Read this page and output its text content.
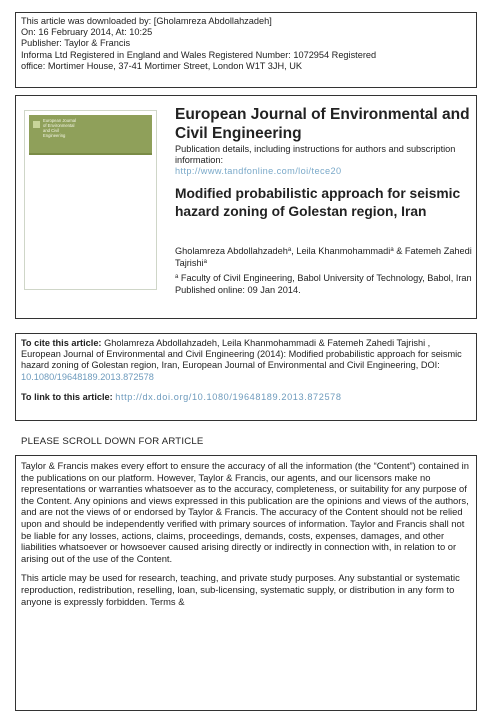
This article was downloaded by: [Gholamreza Abdollahzadeh]
On: 16 February 2014, At: 10:25
Publisher: Taylor & Francis
Informa Ltd Registered in England and Wales Registered Number: 1072954 Registered
office: Mortimer House, 37-41 Mortimer Street, London W1T 3JH, UK
European Journal
of Environmental
and Civil
Engineering
European Journal of Environmental and Civil Engineering
Publication details, including instructions for authors and subscription information:
http://www.tandfonline.com/loi/tece20
Modified probabilistic approach for seismic hazard zoning of Golestan region, Iran
Gholamreza Abdollahzadeh$^a$, Leila Khanmohammadi$^a$ & Fatemeh Zahedi Tajrishi$^a$
$^a$ Faculty of Civil Engineering, Babol University of Technology, Babol, Iran
Published online: 09 Jan 2014.
To cite this article: Gholamreza Abdollahzadeh, Leila Khanmohammadi & Fatemeh Zahedi Tajrishi , European Journal of Environmental and Civil Engineering (2014): Modified probabilistic approach for seismic hazard zoning of Golestan region, Iran, European Journal of Environmental and Civil Engineering, DOI: 10.1080/19648189.2013.872578
To link to this article: http://dx.doi.org/10.1080/19648189.2013.872578
PLEASE SCROLL DOWN FOR ARTICLE
Taylor & Francis makes every effort to ensure the accuracy of all the information (the “Content”) contained in the publications on our platform. However, Taylor & Francis, our agents, and our licensors make no representations or warranties whatsoever as to the accuracy, completeness, or suitability for any purpose of the Content. Any opinions and views expressed in this publication are the opinions and views of the authors, and are not the views of or endorsed by Taylor & Francis. The accuracy of the Content should not be relied upon and should be independently verified with primary sources of information. Taylor and Francis shall not be liable for any losses, actions, claims, proceedings, demands, costs, expenses, damages, and other liabilities whatsoever or howsoever caused arising directly or indirectly in connection with, in relation to or arising out of the use of the Content.
This article may be used for research, teaching, and private study purposes. Any substantial or systematic reproduction, redistribution, reselling, loan, sub-licensing, systematic supply, or distribution in any form to anyone is expressly forbidden. Terms &
